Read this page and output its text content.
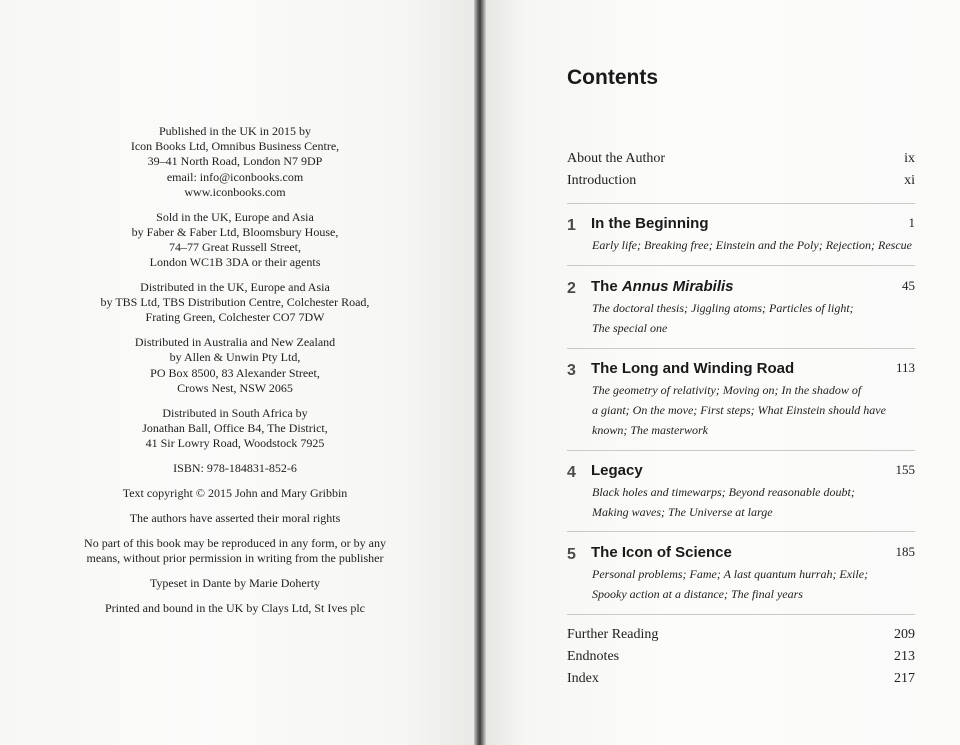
Published in the UK in 2015 by
Icon Books Ltd, Omnibus Business Centre,
39–41 North Road, London N7 9DP
email: info@iconbooks.com
www.iconbooks.com
Sold in the UK, Europe and Asia
by Faber & Faber Ltd, Bloomsbury House,
74–77 Great Russell Street,
London WC1B 3DA or their agents
Distributed in the UK, Europe and Asia
by TBS Ltd, TBS Distribution Centre, Colchester Road,
Frating Green, Colchester CO7 7DW
Distributed in Australia and New Zealand
by Allen & Unwin Pty Ltd,
PO Box 8500, 83 Alexander Street,
Crows Nest, NSW 2065
Distributed in South Africa by
Jonathan Ball, Office B4, The District,
41 Sir Lowry Road, Woodstock 7925
ISBN: 978-184831-852-6
Text copyright © 2015 John and Mary Gribbin
The authors have asserted their moral rights
No part of this book may be reproduced in any form, or by any
means, without prior permission in writing from the publisher
Typeset in Dante by Marie Doherty
Printed and bound in the UK by Clays Ltd, St Ives plc
Contents
About the Author	ix
Introduction	xi
1 In the Beginning	1
Early life; Breaking free; Einstein and the Poly; Rejection; Rescue
2 The Annus Mirabilis	45
The doctoral thesis; Jiggling atoms; Particles of light;
The special one
3 The Long and Winding Road	113
The geometry of relativity; Moving on; In the shadow of
a giant; On the move; First steps; What Einstein should have
known; The masterwork
4 Legacy	155
Black holes and timewarps; Beyond reasonable doubt;
Making waves; The Universe at large
5 The Icon of Science	185
Personal problems; Fame; A last quantum hurrah; Exile;
Spooky action at a distance; The final years
Further Reading	209
Endnotes	213
Index	217
